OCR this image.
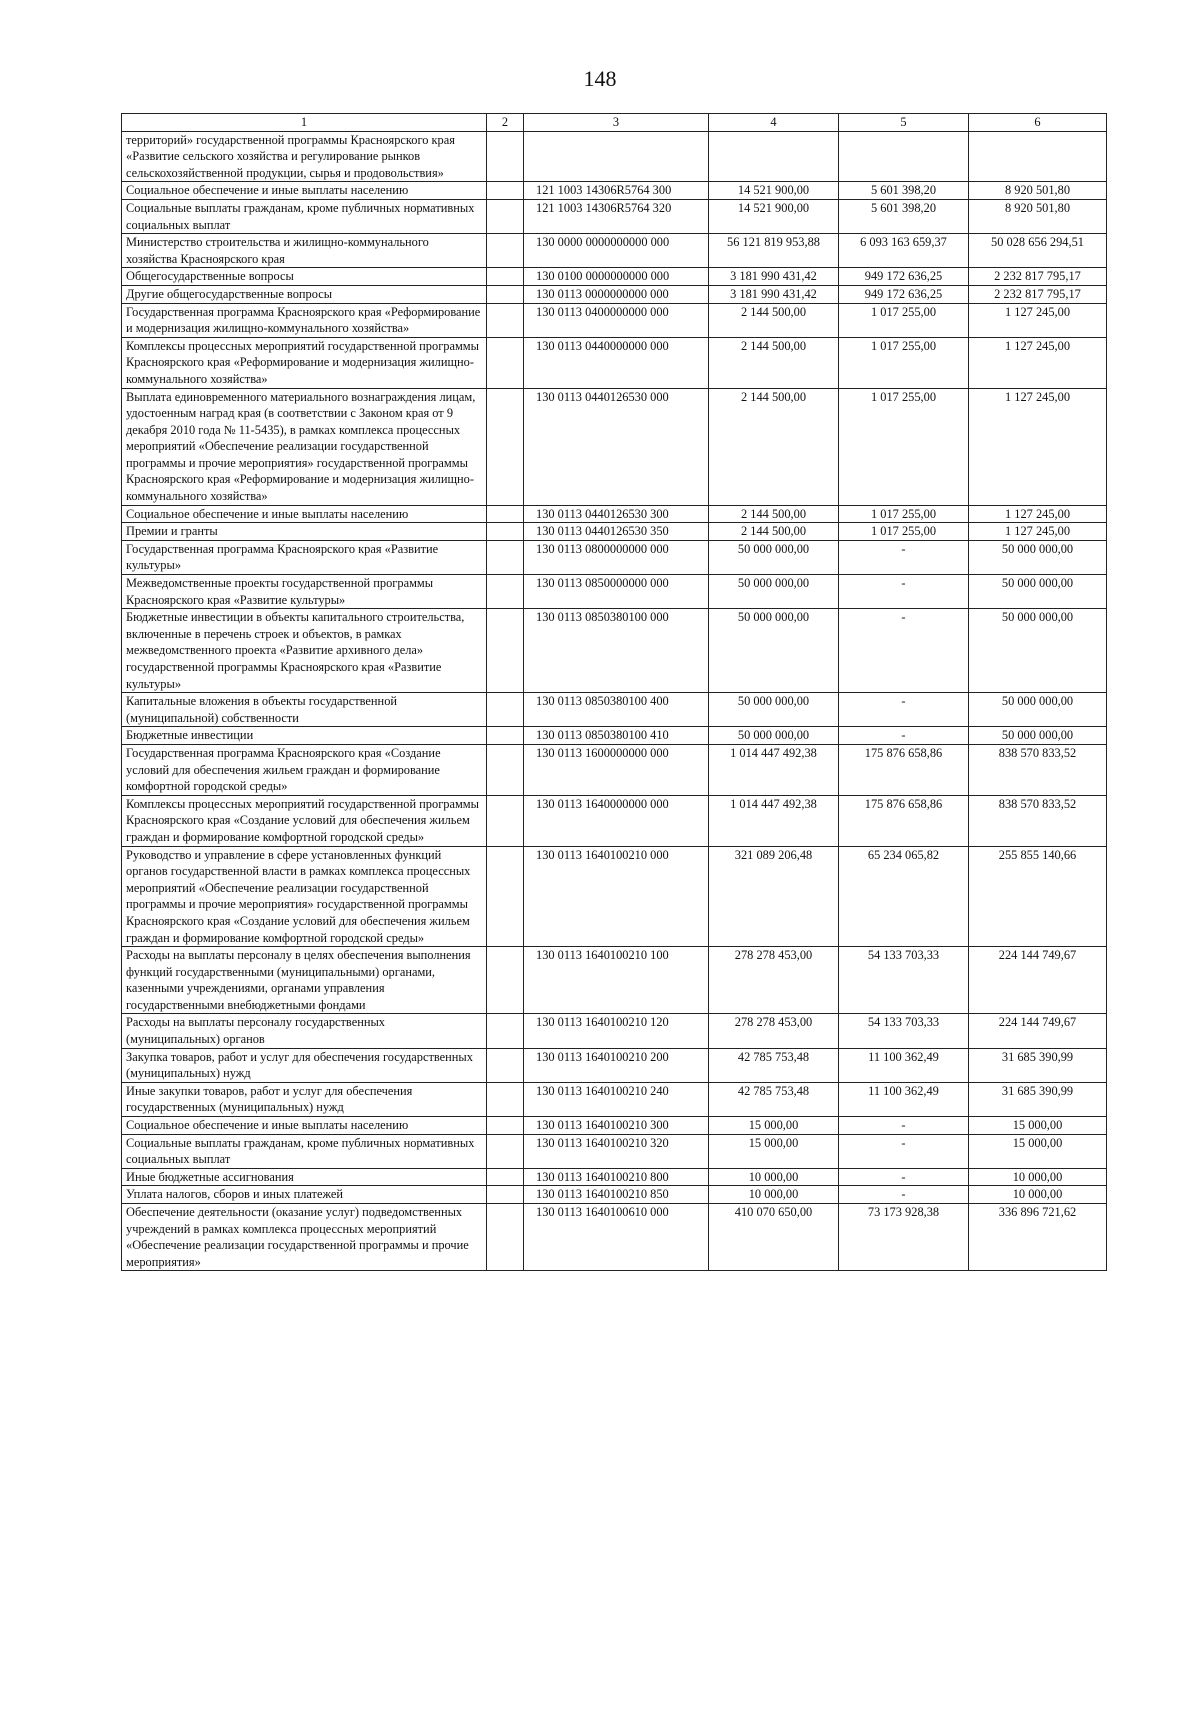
148
1	2	3	4	5	6
территорий» государственной программы Красноярского края «Развитие сельского хозяйства и регулирование рынков сельскохозяйственной продукции, сырья и продовольствия»					
Социальное обеспечение и иные выплаты населению		121 1003 14306R5764 300	14 521 900,00	5 601 398,20	8 920 501,80
Социальные выплаты гражданам, кроме публичных нормативных социальных выплат		121 1003 14306R5764 320	14 521 900,00	5 601 398,20	8 920 501,80
Министерство строительства и жилищно-коммунального хозяйства Красноярского края		130 0000 0000000000 000	56 121 819 953,88	6 093 163 659,37	50 028 656 294,51
Общегосударственные вопросы		130 0100 0000000000 000	3 181 990 431,42	949 172 636,25	2 232 817 795,17
Другие общегосударственные вопросы		130 0113 0000000000 000	3 181 990 431,42	949 172 636,25	2 232 817 795,17
Государственная программа Красноярского края «Реформирование и модернизация жилищно-коммунального хозяйства»		130 0113 0400000000 000	2 144 500,00	1 017 255,00	1 127 245,00
Комплексы процессных мероприятий государственной программы Красноярского края «Реформирование и модернизация жилищно-коммунального хозяйства»		130 0113 0440000000 000	2 144 500,00	1 017 255,00	1 127 245,00
Выплата единовременного материального вознаграждения лицам, удостоенным наград края (в соответствии с Законом края от 9 декабря 2010 года № 11-5435), в рамках комплекса процессных мероприятий «Обеспечение реализации государственной программы и прочие мероприятия» государственной программы Красноярского края «Реформирование и модернизация жилищно-коммунального хозяйства»		130 0113 0440126530 000	2 144 500,00	1 017 255,00	1 127 245,00
Социальное обеспечение и иные выплаты населению		130 0113 0440126530 300	2 144 500,00	1 017 255,00	1 127 245,00
Премии и гранты		130 0113 0440126530 350	2 144 500,00	1 017 255,00	1 127 245,00
Государственная программа Красноярского края «Развитие культуры»		130 0113 0800000000 000	50 000 000,00	-	50 000 000,00
Межведомственные проекты государственной программы Красноярского края «Развитие культуры»		130 0113 0850000000 000	50 000 000,00	-	50 000 000,00
Бюджетные инвестиции в объекты капитального строительства, включенные в перечень строек и объектов, в рамках межведомственного проекта «Развитие архивного дела» государственной программы Красноярского края «Развитие культуры»		130 0113 0850380100 000	50 000 000,00	-	50 000 000,00
Капитальные вложения в объекты государственной (муниципальной) собственности		130 0113 0850380100 400	50 000 000,00	-	50 000 000,00
Бюджетные инвестиции		130 0113 0850380100 410	50 000 000,00	-	50 000 000,00
Государственная программа Красноярского края «Создание условий для обеспечения жильем граждан и формирование комфортной городской среды»		130 0113 1600000000 000	1 014 447 492,38	175 876 658,86	838 570 833,52
Комплексы процессных мероприятий государственной программы Красноярского края «Создание условий для обеспечения жильем граждан и формирование комфортной городской среды»		130 0113 1640000000 000	1 014 447 492,38	175 876 658,86	838 570 833,52
Руководство и управление в сфере установленных функций органов государственной власти в рамках комплекса процессных мероприятий «Обеспечение реализации государственной программы и прочие мероприятия» государственной программы Красноярского края «Создание условий для обеспечения жильем граждан и формирование комфортной городской среды»		130 0113 1640100210 000	321 089 206,48	65 234 065,82	255 855 140,66
Расходы на выплаты персоналу в целях обеспечения выполнения функций государственными (муниципальными) органами, казенными учреждениями, органами управления государственными внебюджетными фондами		130 0113 1640100210 100	278 278 453,00	54 133 703,33	224 144 749,67
Расходы на выплаты персоналу государственных (муниципальных) органов		130 0113 1640100210 120	278 278 453,00	54 133 703,33	224 144 749,67
Закупка товаров, работ и услуг для обеспечения государственных (муниципальных) нужд		130 0113 1640100210 200	42 785 753,48	11 100 362,49	31 685 390,99
Иные закупки товаров, работ и услуг для обеспечения государственных (муниципальных) нужд		130 0113 1640100210 240	42 785 753,48	11 100 362,49	31 685 390,99
Социальное обеспечение и иные выплаты населению		130 0113 1640100210 300	15 000,00	-	15 000,00
Социальные выплаты гражданам, кроме публичных нормативных социальных выплат		130 0113 1640100210 320	15 000,00	-	15 000,00
Иные бюджетные ассигнования		130 0113 1640100210 800	10 000,00	-	10 000,00
Уплата налогов, сборов и иных платежей		130 0113 1640100210 850	10 000,00	-	10 000,00
Обеспечение деятельности (оказание услуг) подведомственных учреждений в рамках комплекса процессных мероприятий «Обеспечение реализации государственной программы и прочие мероприятия»		130 0113 1640100610 000	410 070 650,00	73 173 928,38	336 896 721,62
